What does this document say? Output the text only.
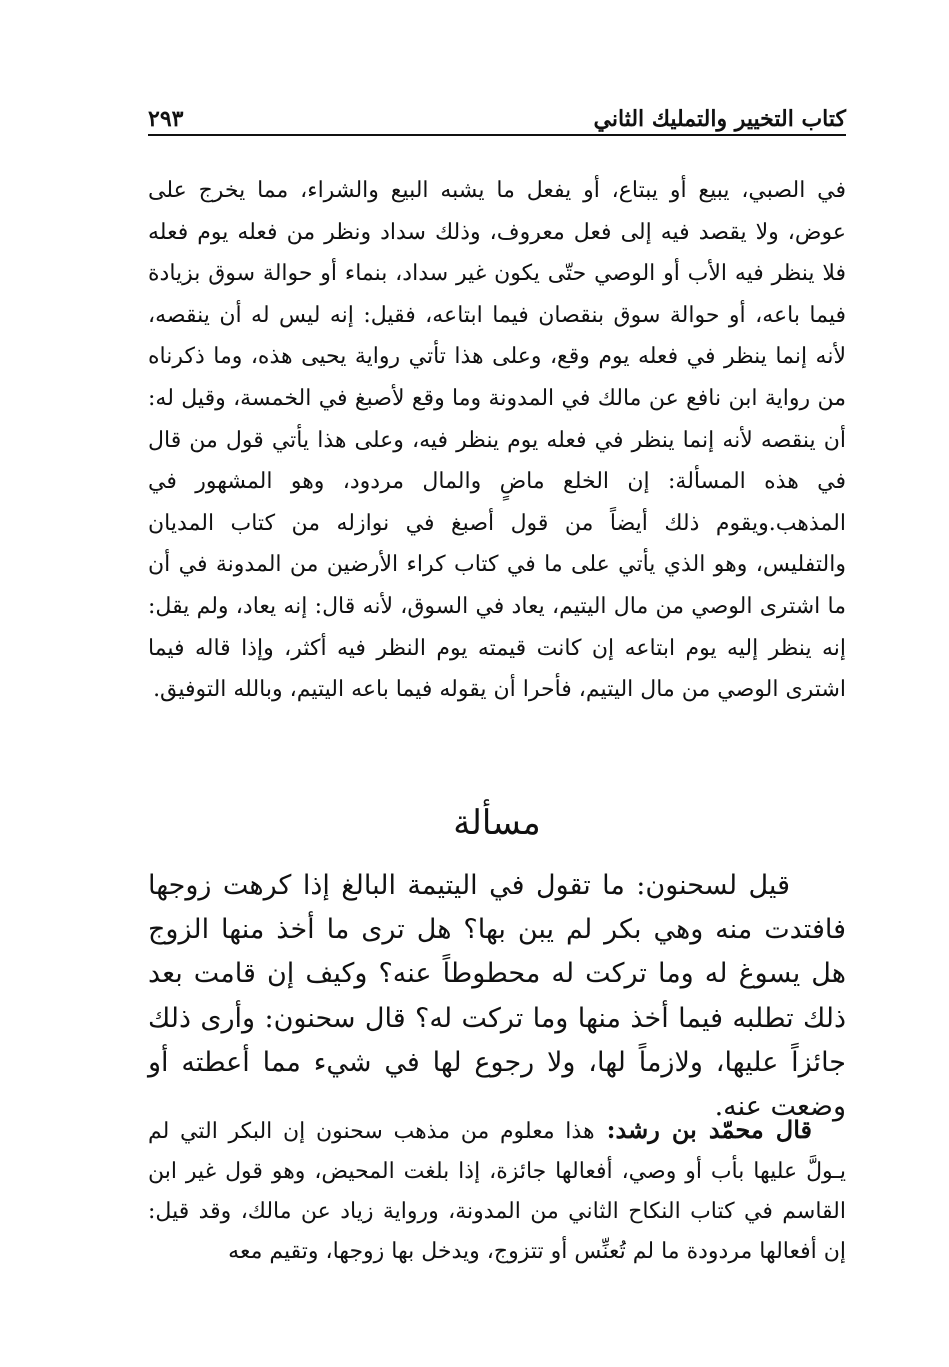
كتاب التخيير والتمليك الثاني
٢٩٣
في الصبي، يبيع أو يبتاع، أو يفعل ما يشبه البيع والشراء، مما يخرج على عوض، ولا يقصد فيه إلى فعل معروف، وذلك سداد ونظر من فعله يوم فعله فلا ينظر فيه الأب أو الوصي حتّى يكون غير سداد، بنماء أو حوالة سوق بزيادة فيما باعه، أو حوالة سوق بنقصان فيما ابتاعه، فقيل: إنه ليس له أن ينقصه، لأنه إنما ينظر في فعله يوم وقع، وعلى هذا تأتي رواية يحيى هذه، وما ذكرناه من رواية ابن نافع عن مالك في المدونة وما وقع لأصبغ في الخمسة، وقيل له: أن ينقصه لأنه إنما ينظر في فعله يوم ينظر فيه، وعلى هذا يأتي قول من قال في هذه المسألة: إن الخلع ماضٍ والمال مردود، وهو المشهور في المذهب.ويقوم ذلك أيضاً من قول أصبغ في نوازله من كتاب المديان والتفليس، وهو الذي يأتي على ما في كتاب كراء الأرضين من المدونة في أن ما اشترى الوصي من مال اليتيم، يعاد في السوق، لأنه قال: إنه يعاد، ولم يقل: إنه ينظر إليه يوم ابتاعه إن كانت قيمته يوم النظر فيه أكثر، وإذا قاله فيما اشترى الوصي من مال اليتيم، فأحرا أن يقوله فيما باعه اليتيم، وبالله التوفيق.
مسألة
قيل لسحنون: ما تقول في اليتيمة البالغ إذا كرهت زوجها فافتدت منه وهي بكر لم يبن بها؟ هل ترى ما أخذ منها الزوج هل يسوغ له وما تركت له محطوطاً عنه؟ وكيف إن قامت بعد ذلك تطلبه فيما أخذ منها وما تركت له؟ قال سحنون: وأرى ذلك جائزاً عليها، ولازماً لها، ولا رجوع لها في شيء مما أعطته أو وضعت عنه.
قال محمّد بن رشد: هذا معلوم من مذهب سحنون إن البكر التي لم يـولَّ عليها بأب أو وصي، أفعالها جائزة، إذا بلغت المحيض، وهو قول غير ابن القاسم في كتاب النكاح الثاني من المدونة، ورواية زياد عن مالك، وقد قيل: إن أفعالها مردودة ما لم تُعنِّس أو تتزوج، ويدخل بها زوجها، وتقيم معه
